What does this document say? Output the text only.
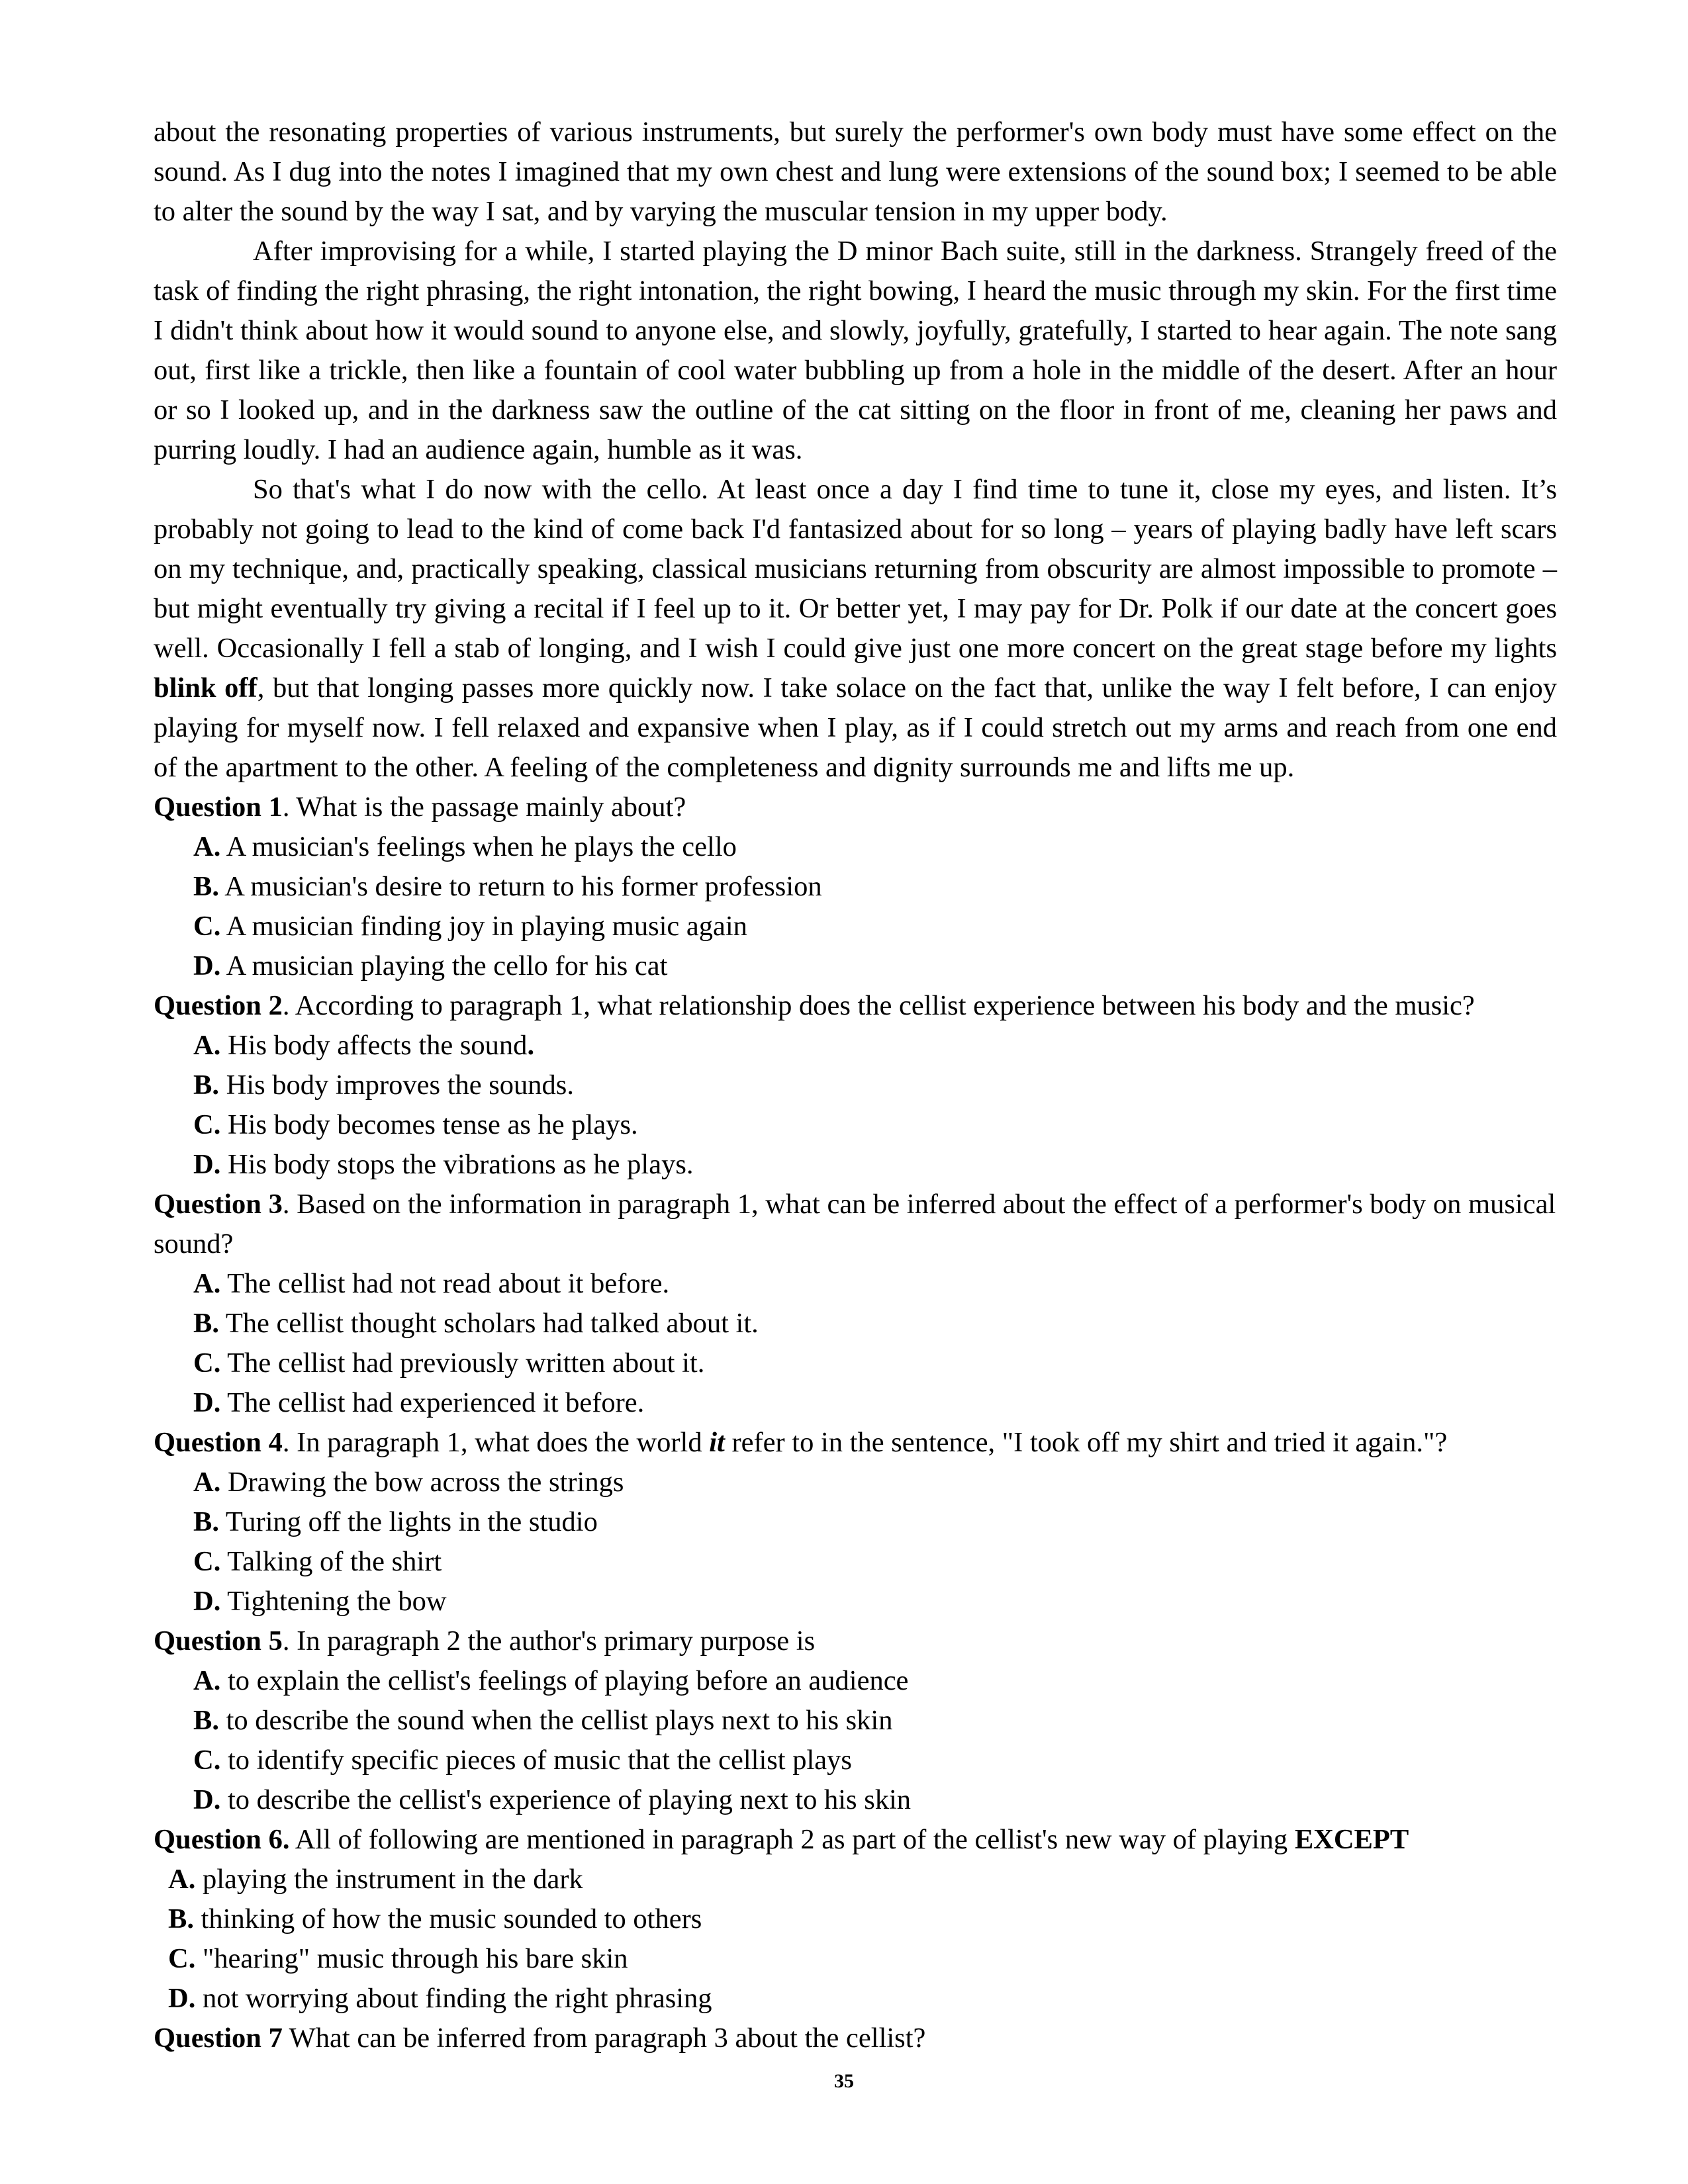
about the resonating properties of various instruments, but surely the performer's own body must have some effect on the sound. As I dug into the notes I imagined that my own chest and lung were extensions of the sound box; I seemed to be able to alter the sound by the way I sat, and by varying the muscular tension in my upper body.

After improvising for a while, I started playing the D minor Bach suite, still in the darkness. Strangely freed of the task of finding the right phrasing, the right intonation, the right bowing, I heard the music through my skin. For the first time I didn't think about how it would sound to anyone else, and slowly, joyfully, gratefully, I started to hear again. The note sang out, first like a trickle, then like a fountain of cool water bubbling up from a hole in the middle of the desert. After an hour or so I looked up, and in the darkness saw the outline of the cat sitting on the floor in front of me, cleaning her paws and purring loudly. I had an audience again, humble as it was.

So that's what I do now with the cello. At least once a day I find time to tune it, close my eyes, and listen. It’s probably not going to lead to the kind of come back I'd fantasized about for so long – years of playing badly have left scars on my technique, and, practically speaking, classical musicians returning from obscurity are almost impossible to promote – but might eventually try giving a recital if I feel up to it. Or better yet, I may pay for Dr. Polk if our date at the concert goes well. Occasionally I fell a stab of longing, and I wish I could give just one more concert on the great stage before my lights blink off, but that longing passes more quickly now. I take solace on the fact that, unlike the way I felt before, I can enjoy playing for myself now. I fell relaxed and expansive when I play, as if I could stretch out my arms and reach from one end of the apartment to the other. A feeling of the completeness and dignity surrounds me and lifts me up.

Question 1. What is the passage mainly about?

A. A musician's feelings when he plays the cello

B. A musician's desire to return to his former profession

C. A musician finding joy in playing music again

D. A musician playing the cello for his cat

Question 2. According to paragraph 1, what relationship does the cellist experience between his body and the music?

A. His body affects the sound.

B. His body improves the sounds.

C. His body becomes tense as he plays.

D. His body stops the vibrations as he plays.

Question 3. Based on the information in paragraph 1, what can be inferred about the effect of a performer's body on musical sound?

A. The cellist had not read about it before.

B. The cellist thought scholars had talked about it.

C. The cellist had previously written about it.

D. The cellist had experienced it before.

Question 4. In paragraph 1, what does the world it refer to in the sentence, "I took off my shirt and tried it again."?

A. Drawing the bow across the strings

B. Turing off the lights in the studio

C. Talking of the shirt

D. Tightening the bow

Question 5. In paragraph 2 the author's primary purpose is

A. to explain the cellist's feelings of playing before an audience

B. to describe the sound when the cellist plays next to his skin

C. to identify specific pieces of music that the cellist plays

D. to describe the cellist's experience of playing next to his skin

Question 6. All of following are mentioned in paragraph 2 as part of the cellist's new way of playing EXCEPT

A. playing the instrument in the dark

B. thinking of how the music sounded to others

C. "hearing" music through his bare skin

D. not worrying about finding the right phrasing

Question 7 What can be inferred from paragraph 3 about the cellist?

35
